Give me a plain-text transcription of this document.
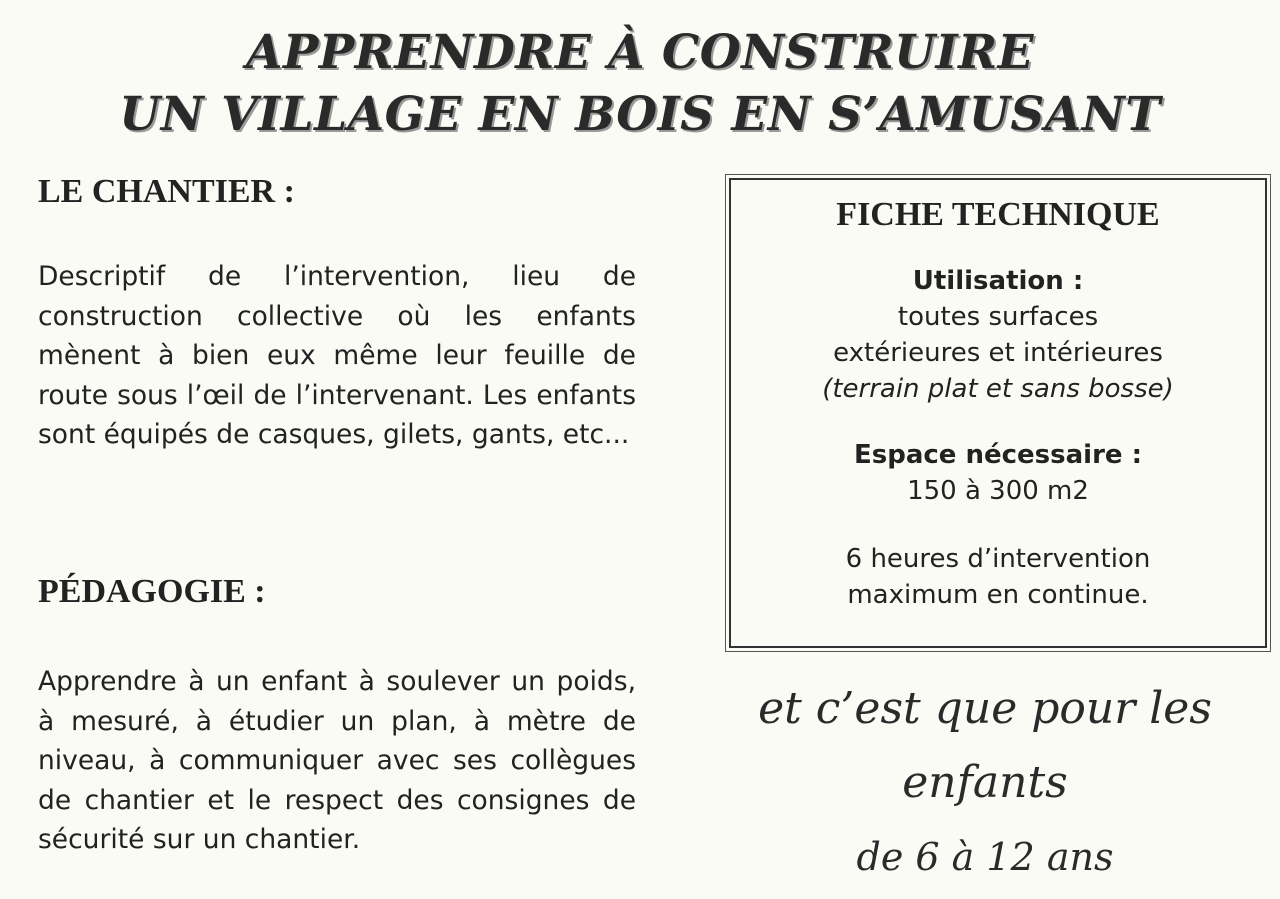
APPRENDRE À CONSTRUIRE
UN VILLAGE EN BOIS EN S’AMUSANT
LE CHANTIER :

Descriptif de l’intervention, lieu de construction collective où les enfants mènent à bien eux même leur feuille de route sous l’œil de l’intervenant. Les enfants sont équipés de casques, gilets, gants, etc...

PÉDAGOGIE :

Apprendre à un enfant à soulever un poids, à mesuré, à étudier un plan, à mètre de niveau, à communiquer avec ses collègues de chantier et le respect des consignes de sécurité sur un chantier.

FICHE TECHNIQUE

Utilisation :
toutes surfaces
extérieures et intérieures
(terrain plat et sans bosse)

Espace nécessaire :
150 à 300 m2

6 heures d’intervention
maximum en continue.

et c’est que pour les enfants
de 6 à 12 ans
